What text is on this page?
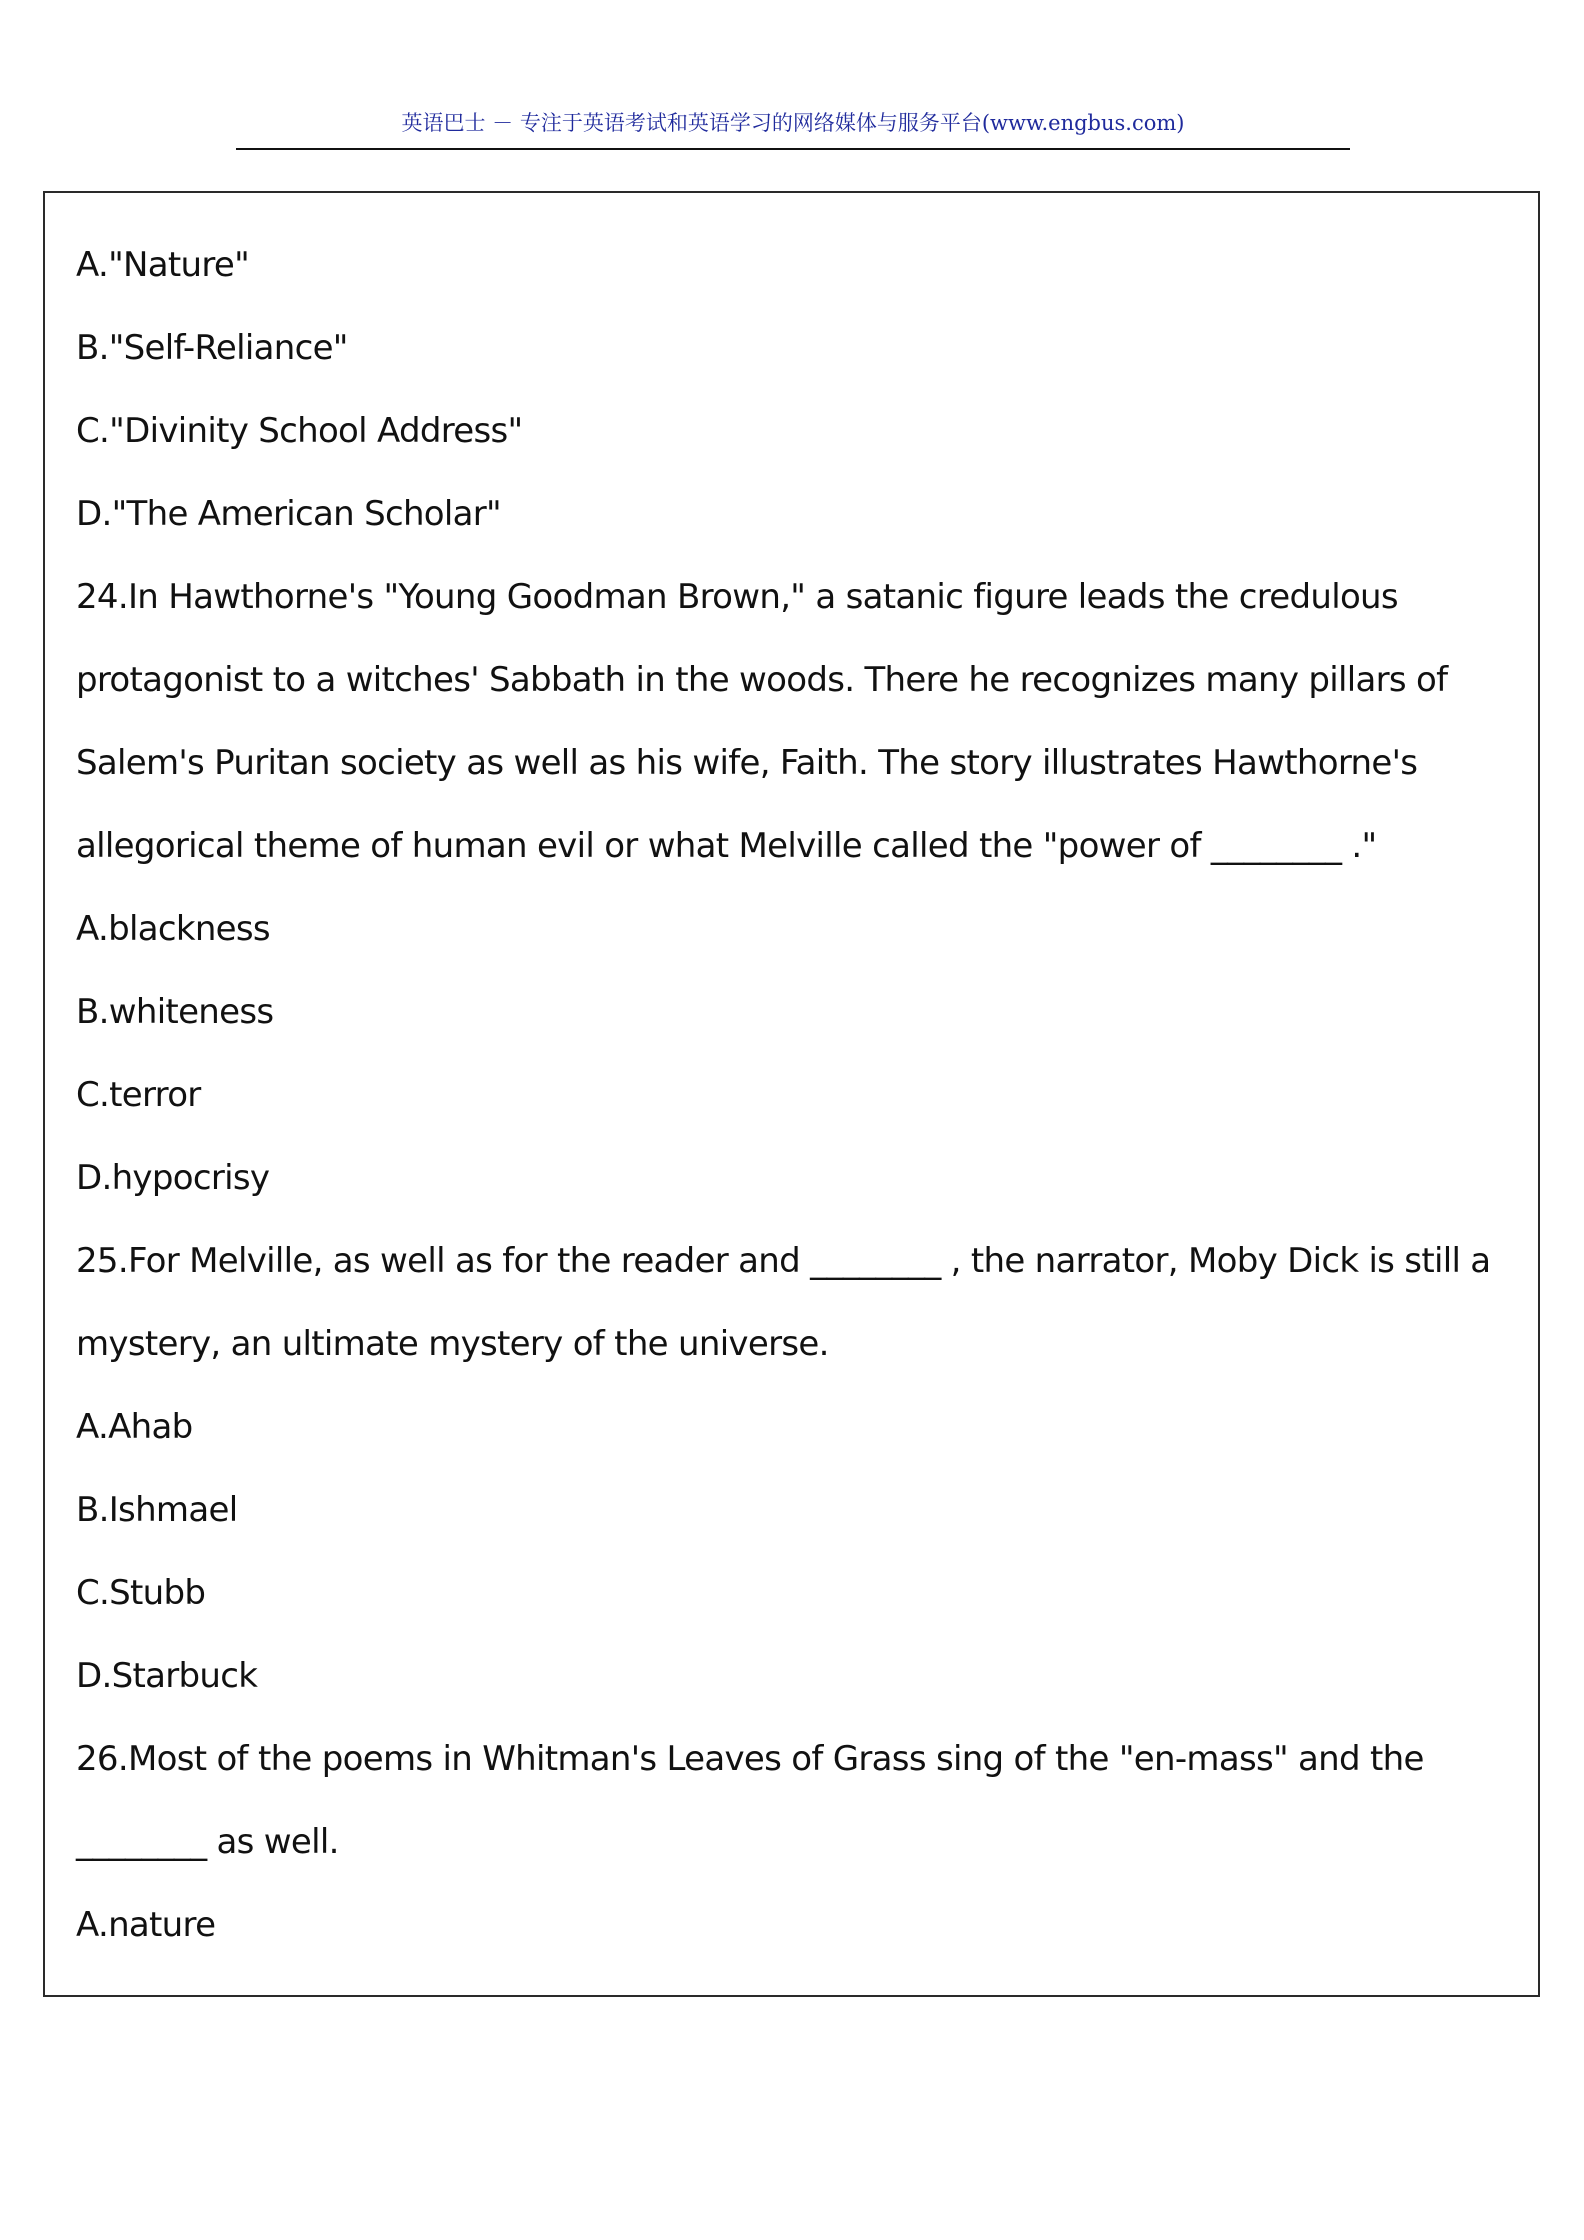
英语巴士 － 专注于英语考试和英语学习的网络媒体与服务平台(www.engbus.com)
A."Nature"
B."Self-Reliance"
C."Divinity School Address"
D."The American Scholar"
24.In Hawthorne's "Young Goodman Brown," a satanic figure leads the credulous
protagonist to a witches' Sabbath in the woods. There he recognizes many pillars of
Salem's Puritan society as well as his wife, Faith. The story illustrates Hawthorne's
allegorical theme of human evil or what Melville called the "power of ________ ."
A.blackness
B.whiteness
C.terror
D.hypocrisy
25.For Melville, as well as for the reader and ________ , the narrator, Moby Dick is still a
mystery, an ultimate mystery of the universe.
A.Ahab
B.Ishmael
C.Stubb
D.Starbuck
26.Most of the poems in Whitman's Leaves of Grass sing of the "en-mass" and the
________ as well.
A.nature
